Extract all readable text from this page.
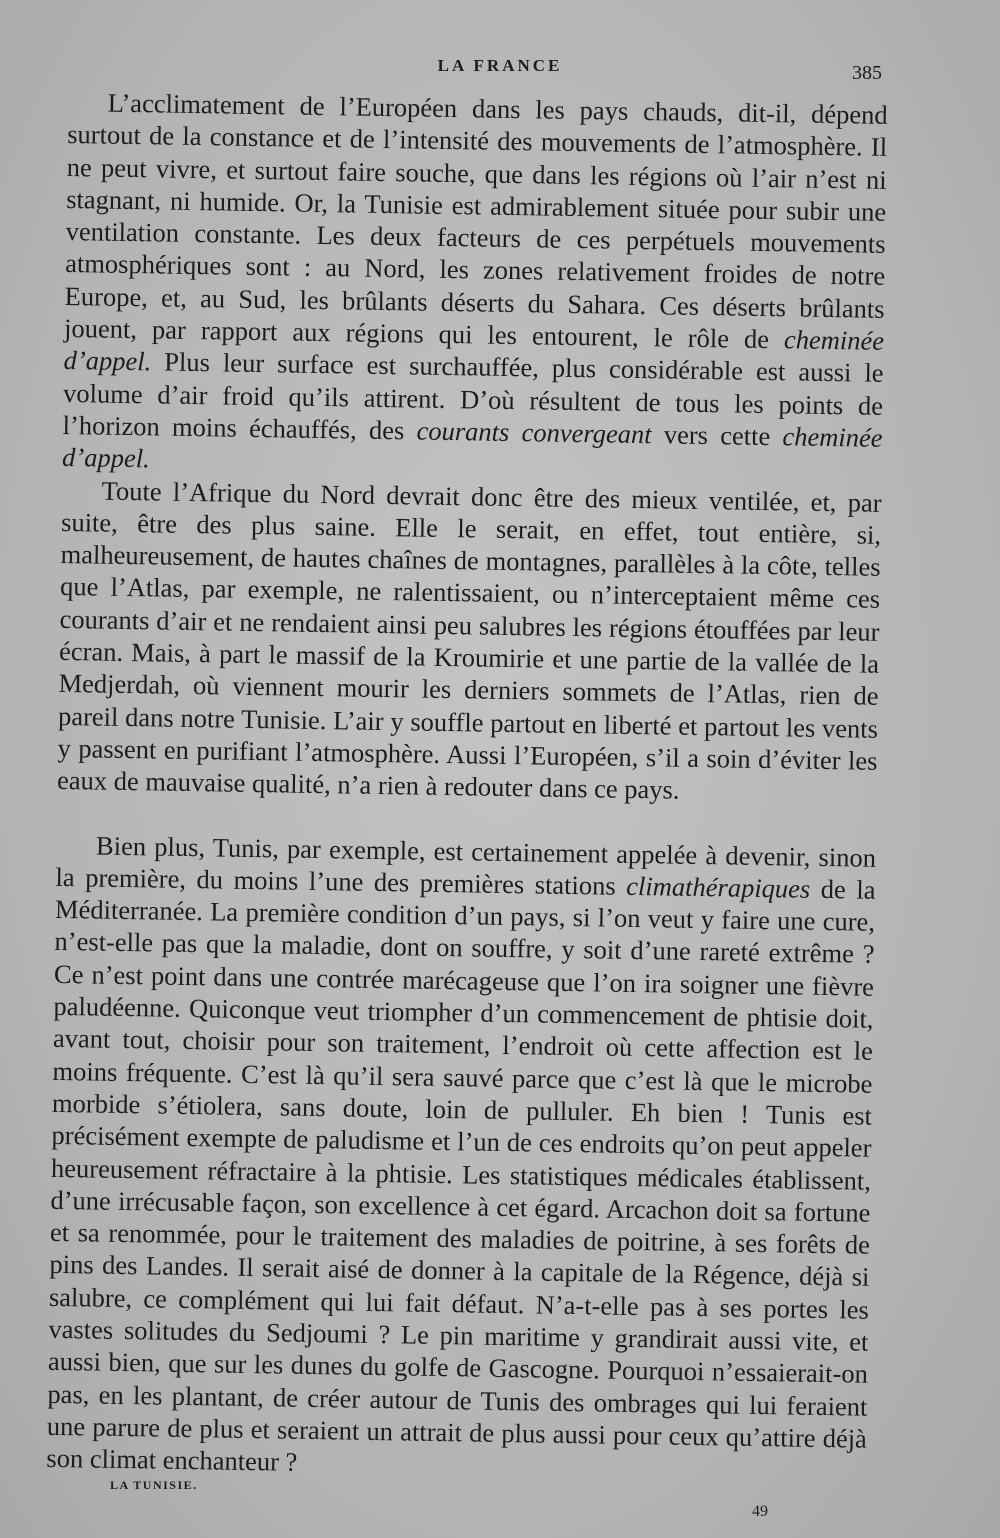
LA FRANCE	385

L’acclimatement de l’Européen dans les pays chauds, dit-il, dépend surtout de la constance et de l’intensité des mouvements de l’atmosphère. Il ne peut vivre, et surtout faire souche, que dans les régions où l’air n’est ni stagnant, ni humide. Or, la Tunisie est admirablement située pour subir une ventilation constante. Les deux facteurs de ces perpétuels mouvements atmosphériques sont : au Nord, les zones relativement froides de notre Europe, et, au Sud, les brûlants déserts du Sahara. Ces déserts brûlants jouent, par rapport aux régions qui les entourent, le rôle de cheminée d’appel. Plus leur surface est surchauffée, plus considérable est aussi le volume d’air froid qu’ils attirent. D’où résultent de tous les points de l’horizon moins échauffés, des courants convergeant vers cette cheminée d’appel.

Toute l’Afrique du Nord devrait donc être des mieux ventilée, et, par suite, être des plus saine. Elle le serait, en effet, tout entière, si, malheureusement, de hautes chaînes de montagnes, parallèles à la côte, telles que l’Atlas, par exemple, ne ralentissaient, ou n’interceptaient même ces courants d’air et ne rendaient ainsi peu salubres les régions étouffées par leur écran. Mais, à part le massif de la Kroumirie et une partie de la vallée de la Medjerdah, où viennent mourir les derniers sommets de l’Atlas, rien de pareil dans notre Tunisie. L’air y souffle partout en liberté et partout les vents y passent en purifiant l’atmosphère. Aussi l’Européen, s’il a soin d’éviter les eaux de mauvaise qualité, n’a rien à redouter dans ce pays.

Bien plus, Tunis, par exemple, est certainement appelée à devenir, sinon la première, du moins l’une des premières stations climathérapiques de la Méditerranée. La première condition d’un pays, si l’on veut y faire une cure, n’est-elle pas que la maladie, dont on souffre, y soit d’une rareté extrême ? Ce n’est point dans une contrée marécageuse que l’on ira soigner une fièvre paludéenne. Quiconque veut triompher d’un commencement de phtisie doit, avant tout, choisir pour son traitement, l’endroit où cette affection est le moins fréquente. C’est là qu’il sera sauvé parce que c’est là que le microbe morbide s’étiolera, sans doute, loin de pulluler. Eh bien ! Tunis est précisément exempte de paludisme et l’un de ces endroits qu’on peut appeler heureusement réfractaire à la phtisie. Les statistiques médicales établissent, d’une irrécusable façon, son excellence à cet égard. Arcachon doit sa fortune et sa renommée, pour le traitement des maladies de poitrine, à ses forêts de pins des Landes. Il serait aisé de donner à la capitale de la Régence, déjà si salubre, ce complément qui lui fait défaut. N’a-t-elle pas à ses portes les vastes solitudes du Sedjoumi ? Le pin maritime y grandirait aussi vite, et aussi bien, que sur les dunes du golfe de Gascogne. Pourquoi n’essaierait-on pas, en les plantant, de créer autour de Tunis des ombrages qui lui feraient une parure de plus et seraient un attrait de plus aussi pour ceux qu’attire déjà son climat enchanteur ?

LA TUNISIE.
49
